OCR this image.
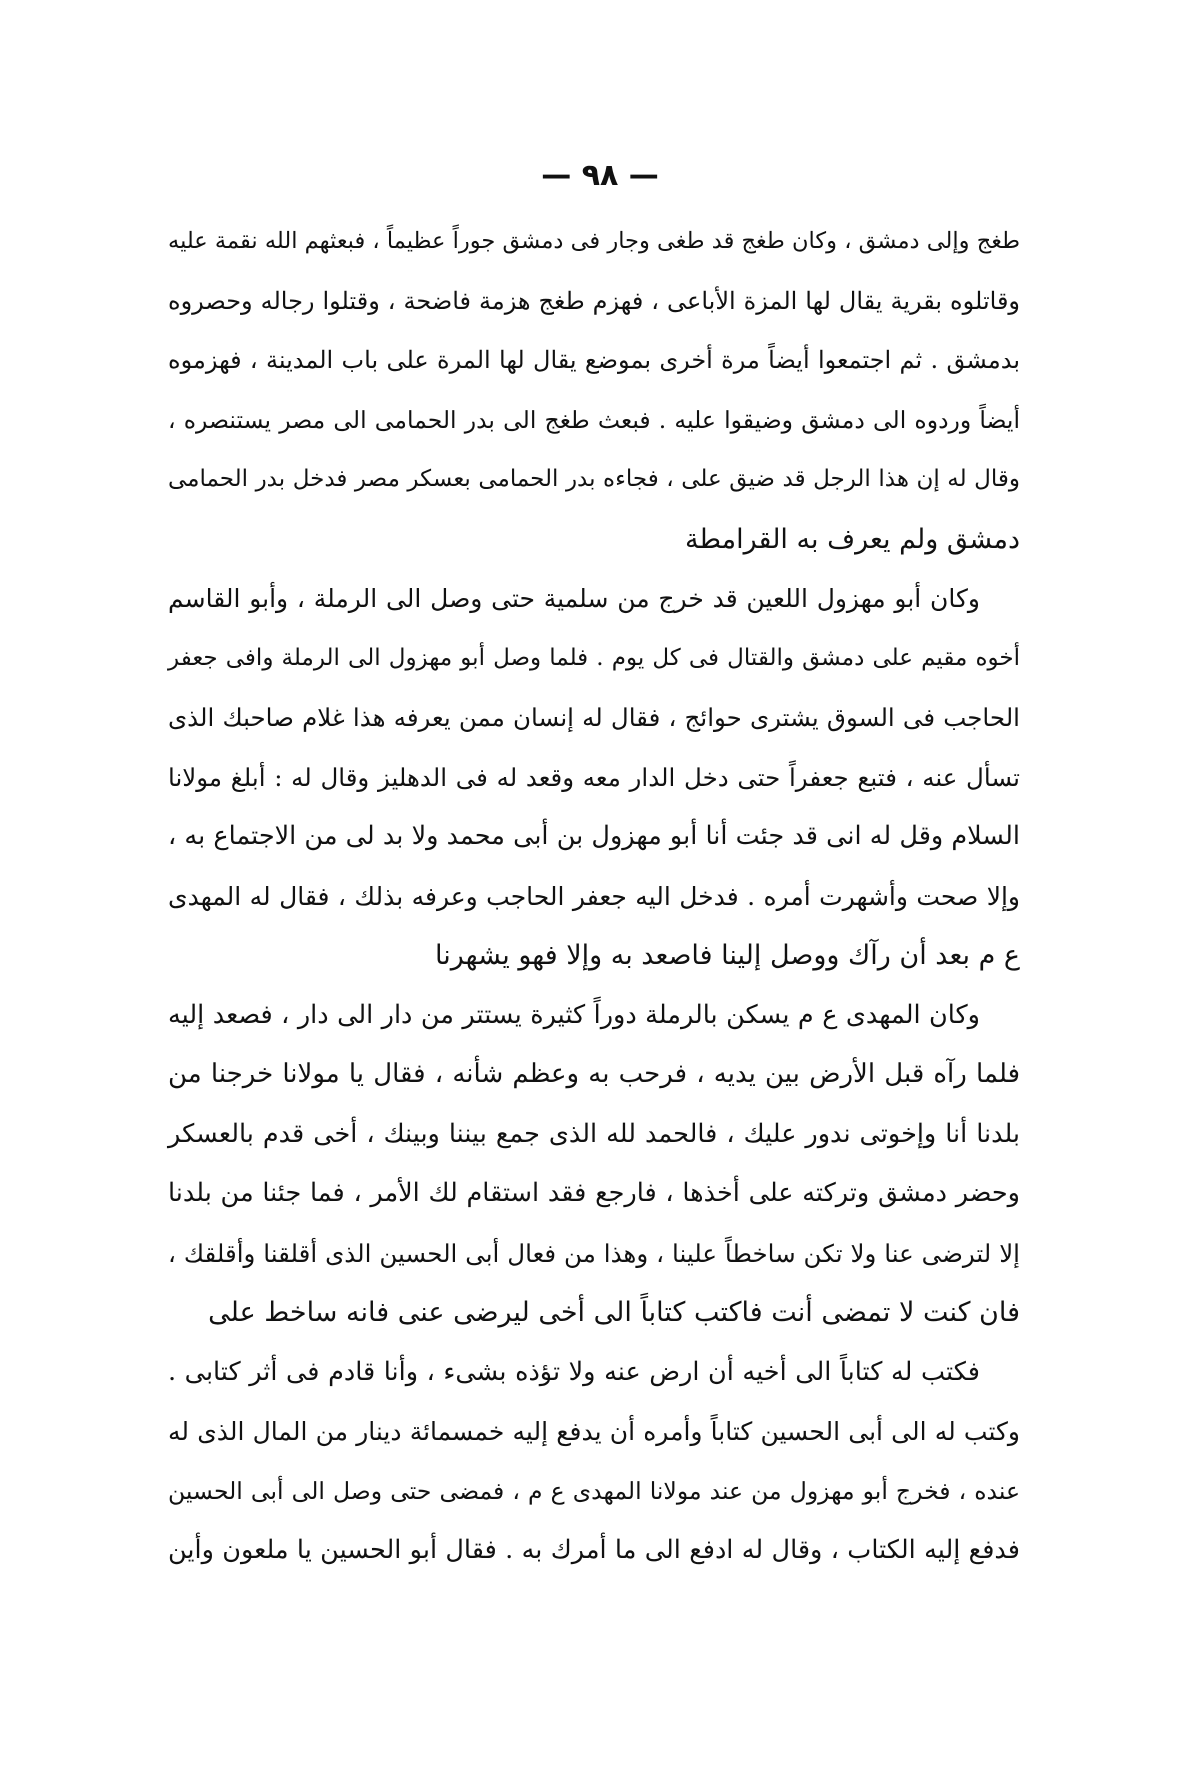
— ٩٨ —
طغج وإلى دمشق ، وكان طغج قد طغى وجار فى دمشق جوراً عظيماً ، فبعثهم الله نقمة عليه
وقاتلوه بقرية يقال لها المزة الأباعى ، فهزم طغج هزمة فاضحة ، وقتلوا رجاله وحصروه
بدمشق . ثم اجتمعوا أيضاً مرة أخرى بموضع يقال لها المرة على باب المدينة ، فهزموه
أيضاً وردوه الى دمشق وضيقوا عليه . فبعث طغج الى بدر الحمامى الى مصر يستنصره ،
وقال له إن هذا الرجل قد ضيق على ، فجاءه بدر الحمامى بعسكر مصر فدخل بدر الحمامى
دمشق ولم يعرف به القرامطة
وكان أبو مهزول اللعين قد خرج من سلمية حتى وصل الى الرملة ، وأبو القاسم
أخوه مقيم على دمشق والقتال فى كل يوم . فلما وصل أبو مهزول الى الرملة وافى جعفر
الحاجب فى السوق يشترى حوائج ، فقال له إنسان ممن يعرفه هذا غلام صاحبك الذى
تسأل عنه ، فتبع جعفراً حتى دخل الدار معه وقعد له فى الدهليز وقال له : أبلغ مولانا
السلام وقل له انى قد جئت أنا أبو مهزول بن أبى محمد ولا بد لى من الاجتماع به ،
وإلا صحت وأشهرت أمره . فدخل اليه جعفر الحاجب وعرفه بذلك ، فقال له المهدى
ع م بعد أن رآك ووصل إلينا فاصعد به وإلا فهو يشهرنا
وكان المهدى ع م يسكن بالرملة دوراً كثيرة يستتر من دار الى دار ، فصعد إليه
فلما رآه قبل الأرض بين يديه ، فرحب به وعظم شأنه ، فقال يا مولانا خرجنا من
بلدنا أنا وإخوتى ندور عليك ، فالحمد لله الذى جمع بيننا وبينك ، أخى قدم بالعسكر
وحضر دمشق وتركته على أخذها ، فارجع فقد استقام لك الأمر ، فما جئنا من بلدنا
إلا لترضى عنا ولا تكن ساخطاً علينا ، وهذا من فعال أبى الحسين الذى أقلقنا وأقلقك ،
فان كنت لا تمضى أنت فاكتب كتاباً الى أخى ليرضى عنى فانه ساخط على
فكتب له كتاباً الى أخيه أن ارض عنه ولا تؤذه بشىء ، وأنا قادم فى أثر كتابى .
وكتب له الى أبى الحسين كتاباً وأمره أن يدفع إليه خمسمائة دينار من المال الذى له
عنده ، فخرج أبو مهزول من عند مولانا المهدى ع م ، فمضى حتى وصل الى أبى الحسين
فدفع إليه الكتاب ، وقال له ادفع الى ما أمرك به . فقال أبو الحسين يا ملعون وأين
